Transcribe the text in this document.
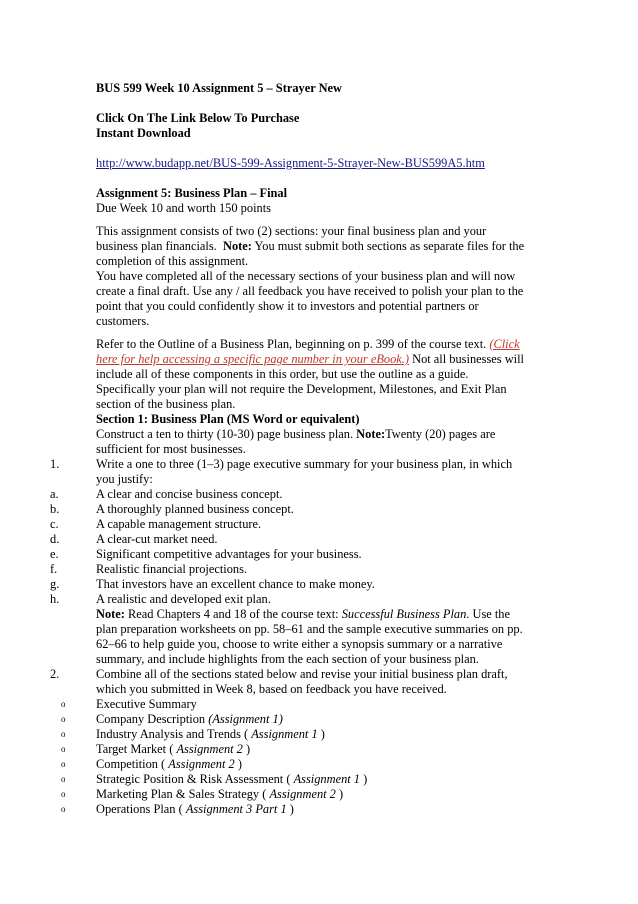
BUS 599 Week 10 Assignment 5 – Strayer New
Click On The Link Below To Purchase
Instant Download
http://www.budapp.net/BUS-599-Assignment-5-Strayer-New-BUS599A5.htm
Assignment 5: Business Plan – Final
Due Week 10 and worth 150 points
This assignment consists of two (2) sections: your final business plan and your
business plan financials. Note: You must submit both sections as separate files for the
completion of this assignment.
You have completed all of the necessary sections of your business plan and will now
create a final draft. Use any / all feedback you have received to polish your plan to the
point that you could confidently show it to investors and potential partners or
customers.
Refer to the Outline of a Business Plan, beginning on p. 399 of the course text. (Click
here for help accessing a specific page number in your eBook.) Not all businesses will
include all of these components in this order, but use the outline as a guide.
Specifically your plan will not require the Development, Milestones, and Exit Plan
section of the business plan.
Section 1: Business Plan (MS Word or equivalent)
Construct a ten to thirty (10-30) page business plan. Note:Twenty (20) pages are
sufficient for most businesses.
1.	Write a one to three (1–3) page executive summary for your business plan, in which
you justify:
a.	A clear and concise business concept.
b.	A thoroughly planned business concept.
c.	A capable management structure.
d.	A clear-cut market need.
e.	Significant competitive advantages for your business.
f.	Realistic financial projections.
g.	That investors have an excellent chance to make money.
h.	A realistic and developed exit plan.
Note: Read Chapters 4 and 18 of the course text: Successful Business Plan. Use the
plan preparation worksheets on pp. 58–61 and the sample executive summaries on pp.
62–66 to help guide you, choose to write either a synopsis summary or a narrative
summary, and include highlights from the each section of your business plan.
2.	Combine all of the sections stated below and revise your initial business plan draft,
which you submitted in Week 8, based on feedback you have received.
o Executive Summary
o Company Description (Assignment 1)
o Industry Analysis and Trends ( Assignment 1 )
o Target Market ( Assignment 2 )
o Competition ( Assignment 2 )
o Strategic Position & Risk Assessment ( Assignment 1 )
o Marketing Plan & Sales Strategy ( Assignment 2 )
o Operations Plan ( Assignment 3 Part 1 )
